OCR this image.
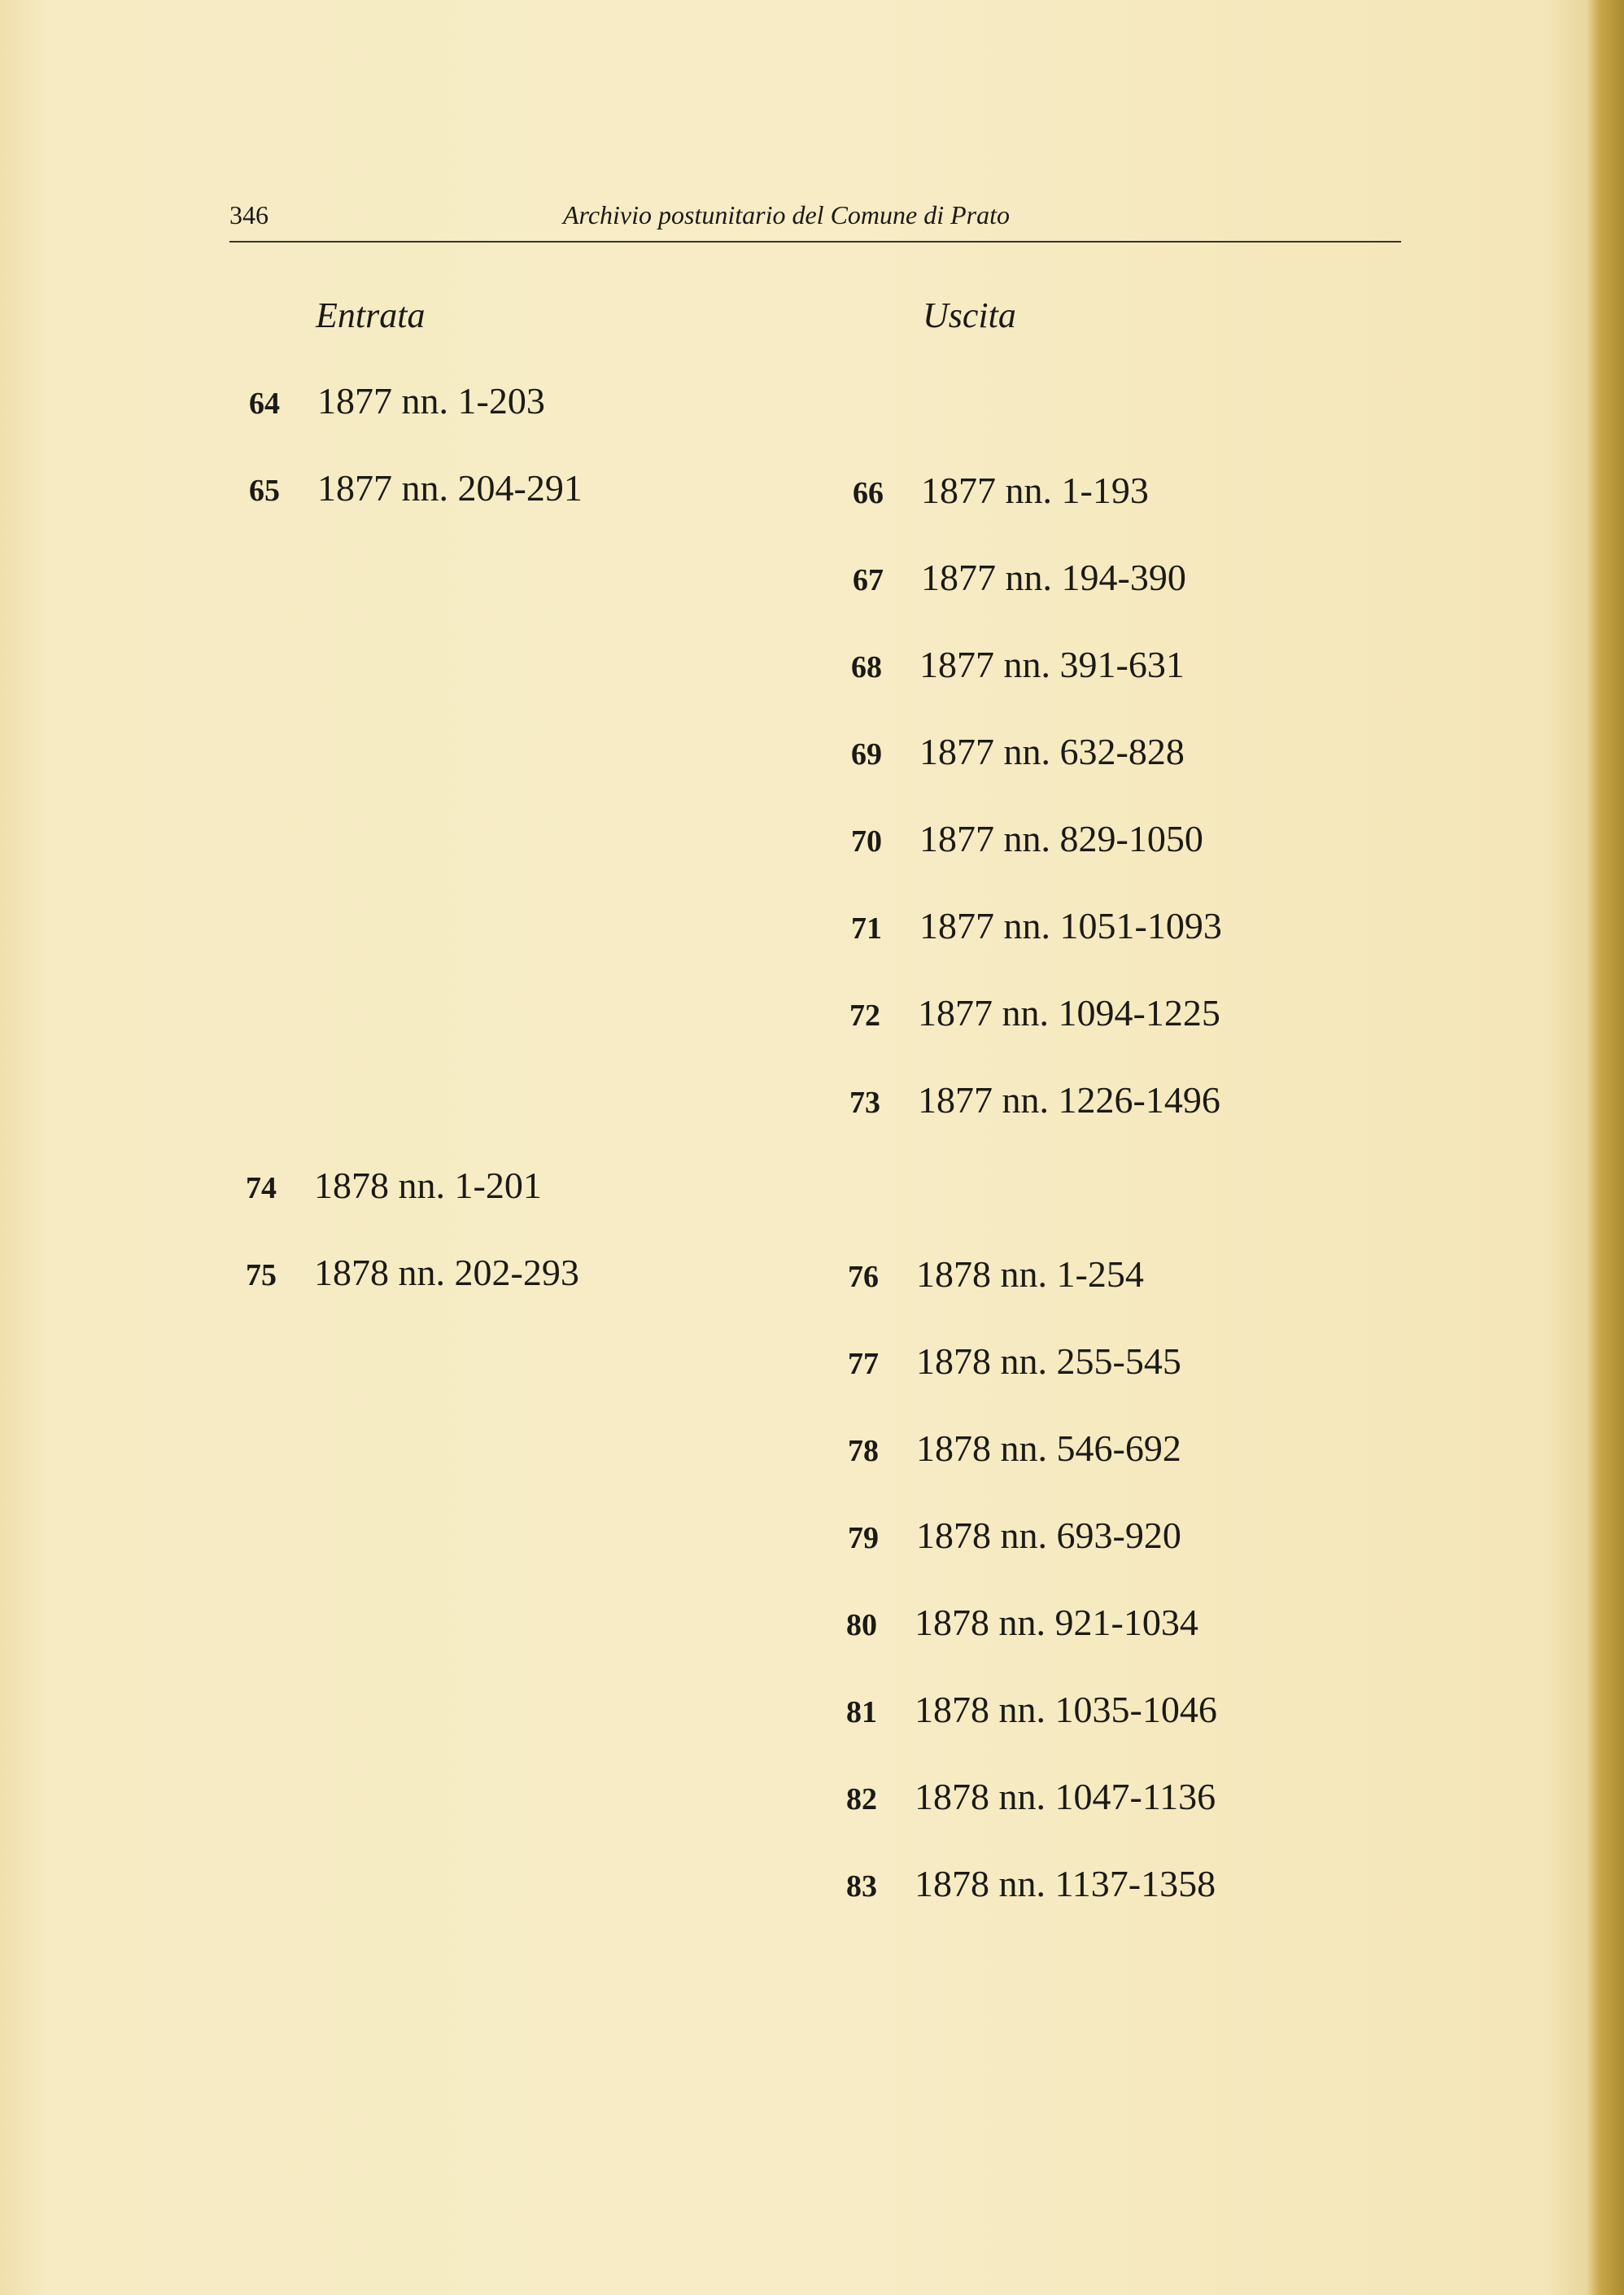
346	Archivio postunitario del Comune di Prato
Entrata	Uscita
64 1877 nn. 1-203
65 1877 nn. 204-291
74 1878 nn. 1-201
75 1878 nn. 202-293
66 1877 nn. 1-193
67 1877 nn. 194-390
68 1877 nn. 391-631
69 1877 nn. 632-828
70 1877 nn. 829-1050
71 1877 nn. 1051-1093
72 1877 nn. 1094-1225
73 1877 nn. 1226-1496
76 1878 nn. 1-254
77 1878 nn. 255-545
78 1878 nn. 546-692
79 1878 nn. 693-920
80 1878 nn. 921-1034
81 1878 nn. 1035-1046
82 1878 nn. 1047-1136
83 1878 nn. 1137-1358
